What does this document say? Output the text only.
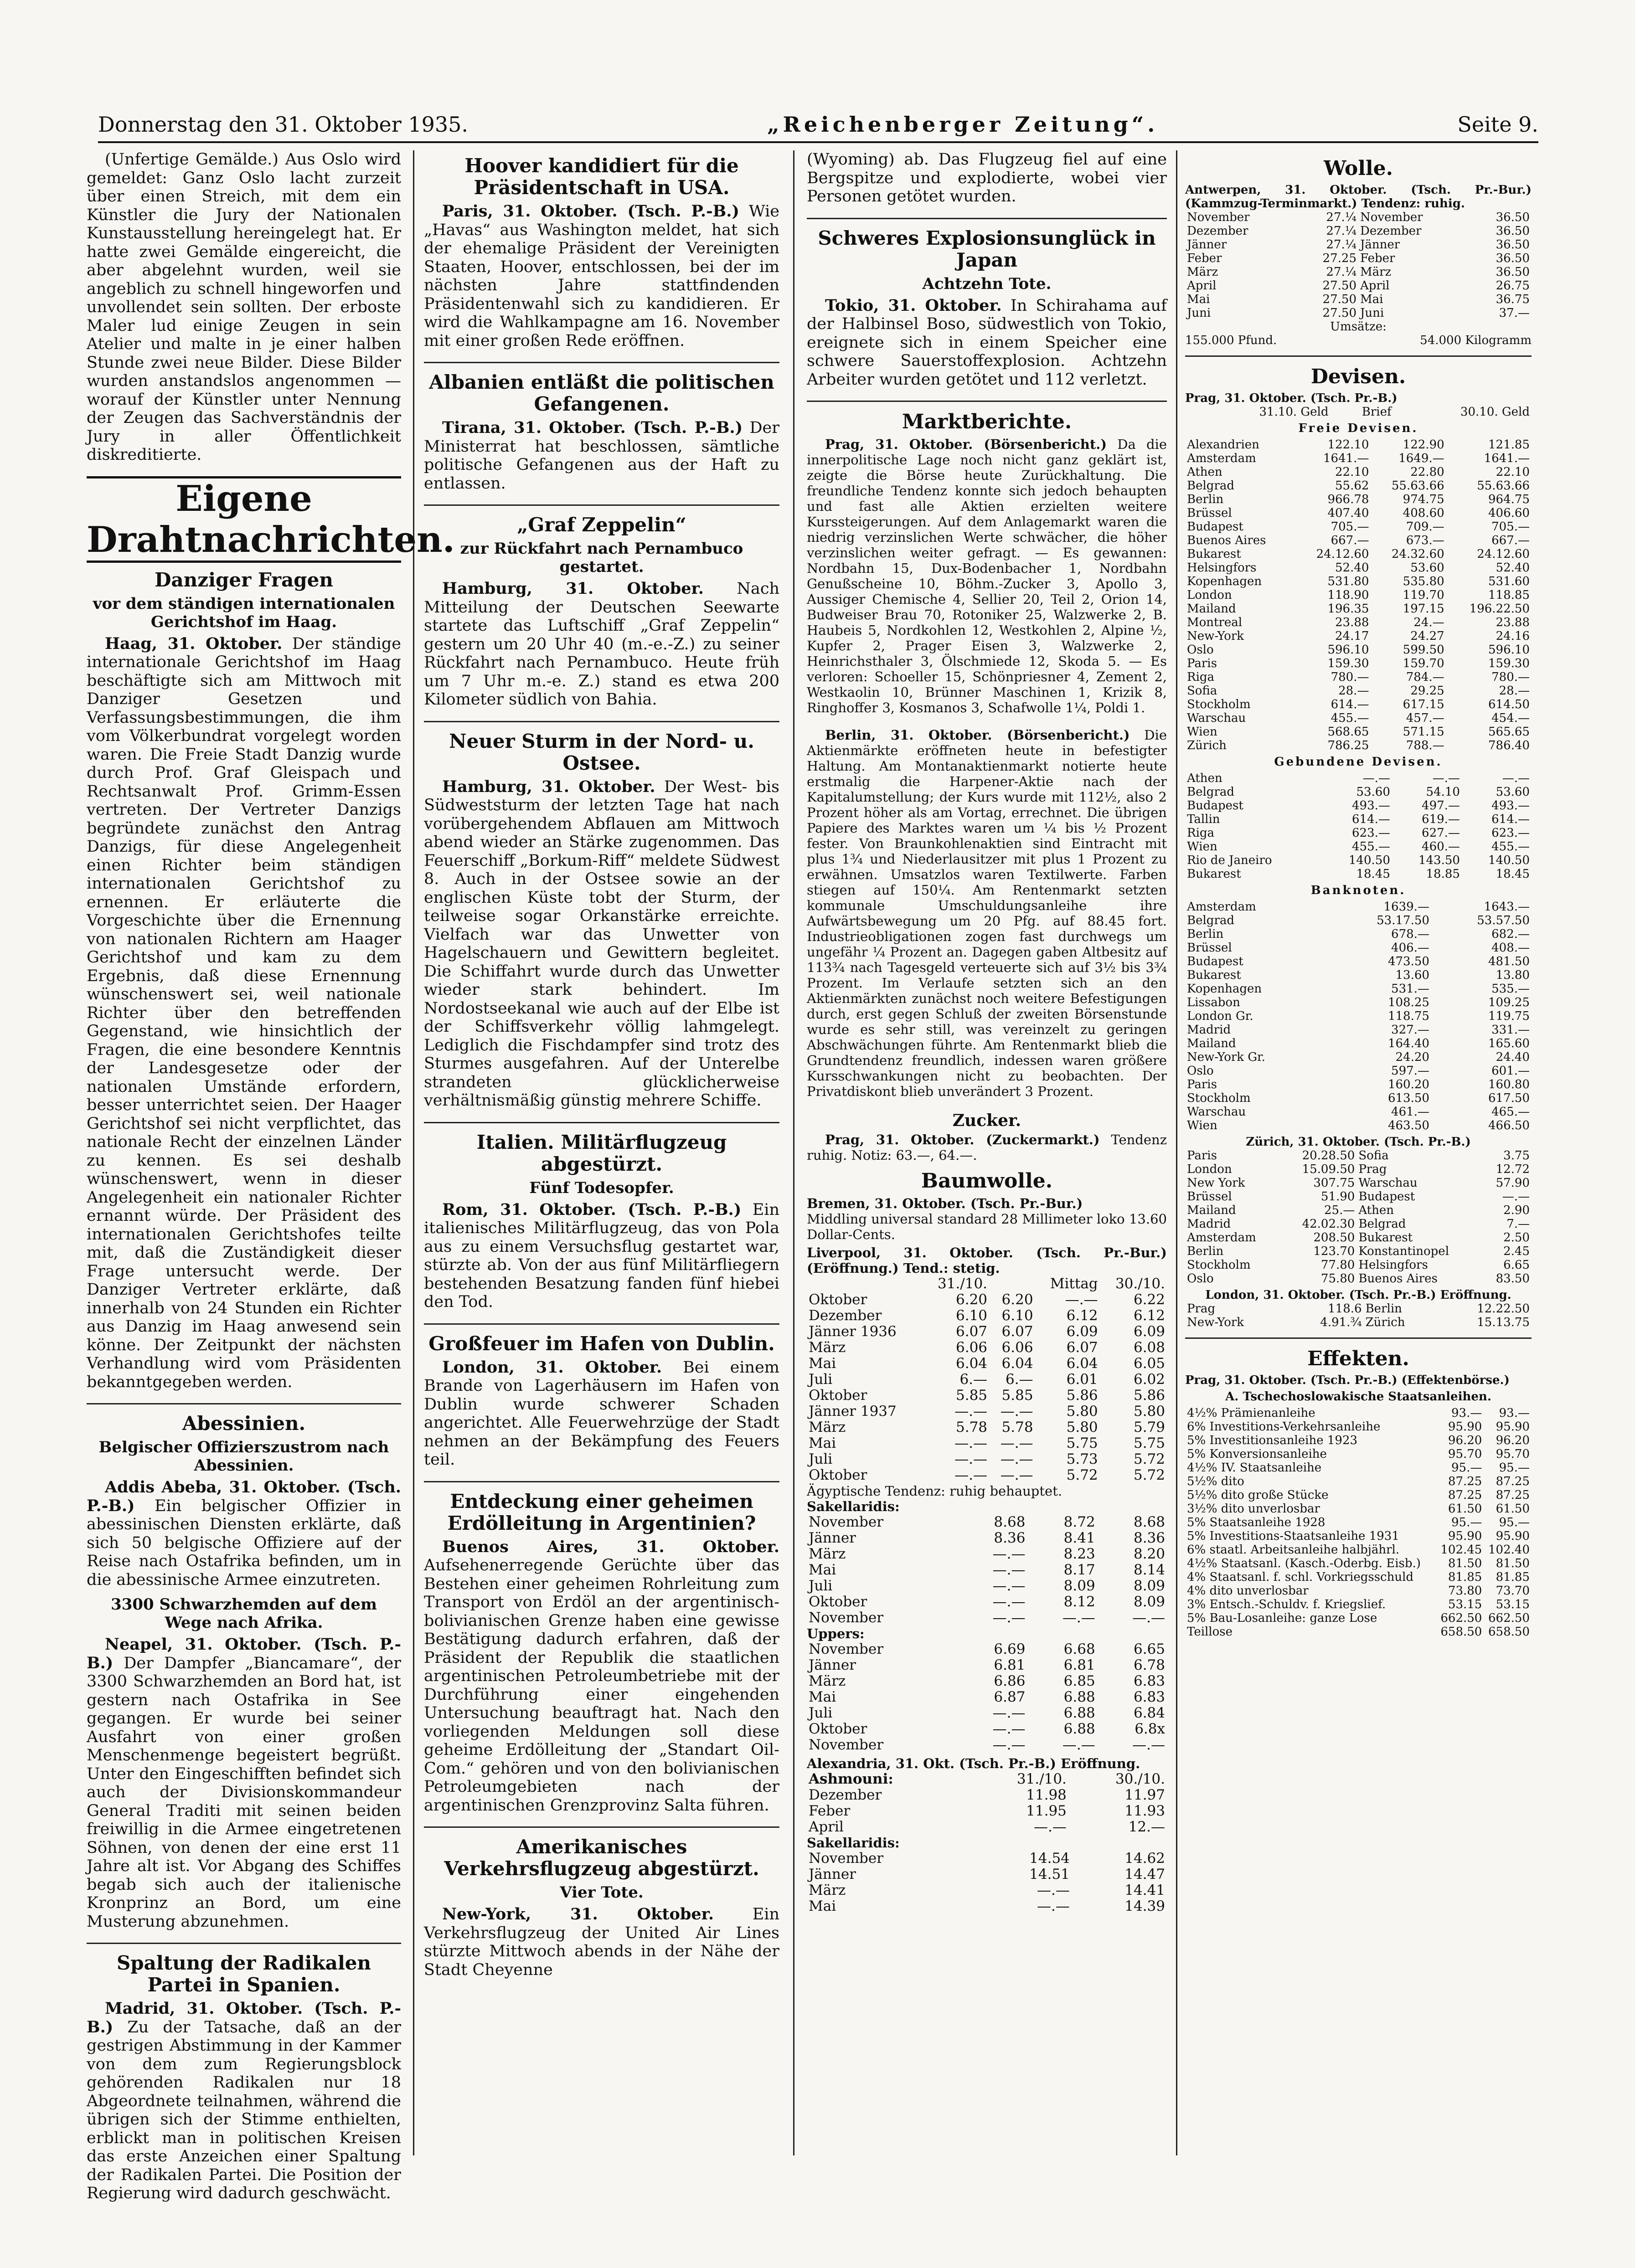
Donnerstag den 31. Oktober 1935.	„Reichenberger Zeitung“.	Seite 9.

(Unfertige Gemälde.) Aus Oslo wird gemeldet: Ganz Oslo lacht zurzeit über einen Streich, mit dem ein Künstler die Jury der Nationalen Kunstausstellung hereingelegt hat. Er hatte zwei Gemälde eingereicht, die aber abgelehnt wurden, weil sie angeblich zu schnell hingeworfen und unvollendet sein sollten. Der erboste Maler lud einige Zeugen in sein Atelier und malte in je einer halben Stunde zwei neue Bilder. Diese Bilder wurden anstandslos angenommen — worauf der Künstler unter Nennung der Zeugen das Sachverständnis der Jury in aller Öffentlichkeit diskreditierte.

Eigene Drahtnachrichten.
Danziger Fragen
vor dem ständigen internationalen Gerichtshof im Haag.

Haag, 31. Oktober. Der ständige internationale Gerichtshof im Haag beschäftigte sich am Mittwoch mit Danziger Gesetzen und Verfassungsbestimmungen, die ihm vom Völkerbundrat vorgelegt worden waren. Die Freie Stadt Danzig wurde durch Prof. Graf Gleispach und Rechtsanwalt Prof. Grimm-Essen vertreten. Der Vertreter Danzigs begründete zunächst den Antrag Danzigs, für diese Angelegenheit einen Richter beim ständigen internationalen Gerichtshof zu ernennen. Er erläuterte die Vorgeschichte über die Ernennung von nationalen Richtern am Haager Gerichtshof und kam zu dem Ergebnis, daß diese Ernennung wünschenswert sei, weil nationale Richter über den betreffenden Gegenstand, wie hinsichtlich der Fragen, die eine besondere Kenntnis der Landesgesetze oder der nationalen Umstände erfordern, besser unterrichtet seien. Der Haager Gerichtshof sei nicht verpflichtet, das nationale Recht der einzelnen Länder zu kennen. Es sei deshalb wünschenswert, wenn in dieser Angelegenheit ein nationaler Richter ernannt würde. Der Präsident des internationalen Gerichtshofes teilte mit, daß die Zuständigkeit dieser Frage untersucht werde. Der Danziger Vertreter erklärte, daß innerhalb von 24 Stunden ein Richter aus Danzig im Haag anwesend sein könne. Der Zeitpunkt der nächsten Verhandlung wird vom Präsidenten bekanntgegeben werden.

Abessinien.
Belgischer Offizierszustrom nach Abessinien.

Addis Abeba, 31. Oktober. (Tsch. P.-B.) Ein belgischer Offizier in abessinischen Diensten erklärte, daß sich 50 belgische Offiziere auf der Reise nach Ostafrika befinden, um in die abessinische Armee einzutreten.

3300 Schwarzhemden auf dem Wege nach Afrika.

Neapel, 31. Oktober. (Tsch. P.-B.) Der Dampfer „Biancamare“, der 3300 Schwarzhemden an Bord hat, ist gestern nach Ostafrika in See gegangen. Er wurde bei seiner Ausfahrt von einer großen Menschenmenge begeistert begrüßt. Unter den Eingeschifften befindet sich auch der Divisionskommandeur General Traditi mit seinen beiden freiwillig in die Armee eingetretenen Söhnen, von denen der eine erst 11 Jahre alt ist. Vor Abgang des Schiffes begab sich auch der italienische Kronprinz an Bord, um eine Musterung abzunehmen.

Spaltung der Radikalen Partei in Spanien.

Madrid, 31. Oktober. (Tsch. P.-B.) Zu der Tatsache, daß an der gestrigen Abstimmung in der Kammer von dem zum Regierungsblock gehörenden Radikalen nur 18 Abgeordnete teilnahmen, während die übrigen sich der Stimme enthielten, erblickt man in politischen Kreisen das erste Anzeichen einer Spaltung der Radikalen Partei. Die Position der Regierung wird dadurch geschwächt.

Hoover kandidiert für die Präsidentschaft in USA.

Paris, 31. Oktober. (Tsch. P.-B.) Wie „Havas“ aus Washington meldet, hat sich der ehemalige Präsident der Vereinigten Staaten, Hoover, entschlossen, bei der im nächsten Jahre stattfindenden Präsidentenwahl sich zu kandidieren. Er wird die Wahlkampagne am 16. November mit einer großen Rede eröffnen.

Albanien entläßt die politischen Gefangenen.

Tirana, 31. Oktober. (Tsch. P.-B.) Der Ministerrat hat beschlossen, sämtliche politische Gefangenen aus der Haft zu entlassen.

„Graf Zeppelin“
zur Rückfahrt nach Pernambuco gestartet.

Hamburg, 31. Oktober. Nach Mitteilung der Deutschen Seewarte startete das Luftschiff „Graf Zeppelin“ gestern um 20 Uhr 40 (m.-e.-Z.) zu seiner Rückfahrt nach Pernambuco. Heute früh um 7 Uhr m.-e. Z.) stand es etwa 200 Kilometer südlich von Bahia.

Neuer Sturm in der Nord- u. Ostsee.

Hamburg, 31. Oktober. Der West- bis Südweststurm der letzten Tage hat nach vorübergehendem Abflauen am Mittwoch abend wieder an Stärke zugenommen. Das Feuerschiff „Borkum-Riff“ meldete Südwest 8. Auch in der Ostsee sowie an der englischen Küste tobt der Sturm, der teilweise sogar Orkanstärke erreichte. Vielfach war das Unwetter von Hagelschauern und Gewittern begleitet. Die Schiffahrt wurde durch das Unwetter wieder stark behindert. Im Nordostseekanal wie auch auf der Elbe ist der Schiffsverkehr völlig lahmgelegt. Lediglich die Fischdampfer sind trotz des Sturmes ausgefahren. Auf der Unterelbe strandeten glücklicherweise verhältnismäßig günstig mehrere Schiffe.

Italien. Militärflugzeug abgestürzt.
Fünf Todesopfer.

Rom, 31. Oktober. (Tsch. P.-B.) Ein italienisches Militärflugzeug, das von Pola aus zu einem Versuchsflug gestartet war, stürzte ab. Von der aus fünf Militärfliegern bestehenden Besatzung fanden fünf hiebei den Tod.

Großfeuer im Hafen von Dublin.

London, 31. Oktober. Bei einem Brande von Lagerhäusern im Hafen von Dublin wurde schwerer Schaden angerichtet. Alle Feuerwehrzüge der Stadt nehmen an der Bekämpfung des Feuers teil.

Entdeckung einer geheimen Erdölleitung in Argentinien?

Buenos Aires, 31. Oktober. Aufsehenerregende Gerüchte über das Bestehen einer geheimen Rohrleitung zum Transport von Erdöl an der argentinisch-bolivianischen Grenze haben eine gewisse Bestätigung dadurch erfahren, daß der Präsident der Republik die staatlichen argentinischen Petroleumbetriebe mit der Durchführung einer eingehenden Untersuchung beauftragt hat. Nach den vorliegenden Meldungen soll diese geheime Erdölleitung der „Standart Oil-Com.“ gehören und von den bolivianischen Petroleumgebieten nach der argentinischen Grenzprovinz Salta führen.

Amerikanisches Verkehrsflugzeug abgestürzt.
Vier Tote.

New-York, 31. Oktober. Ein Verkehrsflugzeug der United Air Lines stürzte Mittwoch abends in der Nähe der Stadt Cheyenne

(Wyoming) ab. Das Flugzeug fiel auf eine Bergspitze und explodierte, wobei vier Personen getötet wurden.

Schweres Explosionsunglück in Japan
Achtzehn Tote.

Tokio, 31. Oktober. In Schirahama auf der Halbinsel Boso, südwestlich von Tokio, ereignete sich in einem Speicher eine schwere Sauerstoffexplosion. Achtzehn Arbeiter wurden getötet und 112 verletzt.

Marktberichte.

Prag, 31. Oktober. (Börsenbericht.) Da die innerpolitische Lage noch nicht ganz geklärt ist, zeigte die Börse heute Zurückhaltung. Die freundliche Tendenz konnte sich jedoch behaupten und fast alle Aktien erzielten weitere Kurssteigerungen. Auf dem Anlagemarkt waren die niedrig verzinslichen Werte schwächer, die höher verzinslichen weiter gefragt. — Es gewannen: Nordbahn 15, Dux-Bodenbacher 1, Nordbahn Genußscheine 10, Böhm.-Zucker 3, Apollo 3, Aussiger Chemische 4, Sellier 20, Teil 2, Orion 14, Budweiser Brau 70, Rotoniker 25, Walzwerke 2, B. Haubeis 5, Nordkohlen 12, Westkohlen 2, Alpine ½, Kupfer 2, Prager Eisen 3, Walzwerke 2, Heinrichsthaler 3, Ölschmiede 12, Skoda 5. — Es verloren: Schoeller 15, Schönpriesner 4, Zement 2, Westkaolin 10, Brünner Maschinen 1, Krizik 8, Ringhoffer 3, Kosmanos 3, Schafwolle 1¼, Poldi 1.

Berlin, 31. Oktober. (Börsenbericht.) Die Aktienmärkte eröffneten heute in befestigter Haltung. Am Montanaktienmarkt notierte heute erstmalig die Harpener-Aktie nach der Kapitalumstellung; der Kurs wurde mit 112½, also 2 Prozent höher als am Vortag, errechnet. Die übrigen Papiere des Marktes waren um ¼ bis ½ Prozent fester. Von Braunkohlenaktien sind Eintracht mit plus 1¾ und Niederlausitzer mit plus 1 Prozent zu erwähnen. Umsatzlos waren Textilwerte. Farben stiegen auf 150¼. Am Rentenmarkt setzten kommunale Umschuldungsanleihe ihre Aufwärtsbewegung um 20 Pfg. auf 88.45 fort. Industrieobligationen zogen fast durchwegs um ungefähr ¼ Prozent an. Dagegen gaben Altbesitz auf 113¾ nach Tagesgeld verteuerte sich auf 3½ bis 3¾ Prozent. Im Verlaufe setzten sich an den Aktienmärkten zunächst noch weitere Befestigungen durch, erst gegen Schluß der zweiten Börsenstunde wurde es sehr still, was vereinzelt zu geringen Abschwächungen führte. Am Rentenmarkt blieb die Grundtendenz freundlich, indessen waren größere Kursschwankungen nicht zu beobachten. Der Privatdiskont blieb unverändert 3 Prozent.

Zucker.

Prag, 31. Oktober. (Zuckermarkt.) Tendenz ruhig. Notiz: 63.—, 64.—.

Baumwolle.
Bremen, 31. Oktober. (Tsch. Pr.-Bur.)
Middling universal standard 28 Millimeter loko 13.60 Dollar-Cents.
Liverpool, 31. Oktober. (Tsch. Pr.-Bur.) (Eröffnung.) Tend.: stetig.
	31./10.		Mittag	30./10.
Oktober	6.20	6.20	—.—	6.22
Dezember	6.10	6.10	6.12	6.12
Jänner 1936	6.07	6.07	6.09	6.09
März	6.06	6.06	6.07	6.08
Mai	6.04	6.04	6.04	6.05
Juli	6.—	6.—	6.01	6.02
Oktober	5.85	5.85	5.86	5.86
Jänner 1937	—.—	—.—	5.80	5.80
März	5.78	5.78	5.80	5.79
Mai	—.—	—.—	5.75	5.75
Juli	—.—	—.—	5.73	5.72
Oktober	—.—	—.—	5.72	5.72
Ägyptische Tendenz: ruhig behauptet.
Sakellaridis:
November	8.68	8.72	8.68
Jänner	8.36	8.41	8.36
März	—.—	8.23	8.20
Mai	—.—	8.17	8.14
Juli	—.—	8.09	8.09
Oktober	—.—	8.12	8.09
November	—.—	—.—	—.—
Uppers:
November	6.69	6.68	6.65
Jänner	6.81	6.81	6.78
März	6.86	6.85	6.83
Mai	6.87	6.88	6.83
Juli	—.—	6.88	6.84
Oktober	—.—	6.88	6.8x
November	—.—	—.—	—.—
Alexandria, 31. Okt. (Tsch. Pr.-B.) Eröffnung.
Ashmouni:	31./10.	30./10.
Dezember	11.98	11.97
Feber	11.95	11.93
April	—.—	12.—
Sakellaridis:
November	14.54	14.62
Jänner	14.51	14.47
März	—.—	14.41
Mai	—.—	14.39
Wolle.
Antwerpen, 31. Oktober. (Tsch. Pr.-Bur.) (Kammzug-Terminmarkt.) Tendenz: ruhig.
November	27.¼	November	36.50
Dezember	27.¼	Dezember	36.50
Jänner	27.¼	Jänner	36.50
Feber	27.25	Feber	36.50
März	27.¼	März	36.50
April	27.50	April	26.75
Mai	27.50	Mai	36.75
Juni	27.50	Juni	37.—
Umsätze:
155.000 Pfund.	54.000 Kilogramm
Devisen.
Prag, 31. Oktober. (Tsch. Pr.-B.)
	31.10. Geld	Brief	30.10. Geld
Freie Devisen.
Alexandrien	122.10	122.90	121.85
Amsterdam	1641.—	1649.—	1641.—
Athen	22.10	22.80	22.10
Belgrad	55.62	55.63.66	55.63.66
Berlin	966.78	974.75	964.75
Brüssel	407.40	408.60	406.60
Budapest	705.—	709.—	705.—
Buenos Aires	667.—	673.—	667.—
Bukarest	24.12.60	24.32.60	24.12.60
Helsingfors	52.40	53.60	52.40
Kopenhagen	531.80	535.80	531.60
London	118.90	119.70	118.85
Mailand	196.35	197.15	196.22.50
Montreal	23.88	24.—	23.88
New-York	24.17	24.27	24.16
Oslo	596.10	599.50	596.10
Paris	159.30	159.70	159.30
Riga	780.—	784.—	780.—
Sofia	28.—	29.25	28.—
Stockholm	614.—	617.15	614.50
Warschau	455.—	457.—	454.—
Wien	568.65	571.15	565.65
Zürich	786.25	788.—	786.40
Gebundene Devisen.
Athen	—.—	—.—	—.—
Belgrad	53.60	54.10	53.60
Budapest	493.—	497.—	493.—
Tallin	614.—	619.—	614.—
Riga	623.—	627.—	623.—
Wien	455.—	460.—	455.—
Rio de Janeiro	140.50	143.50	140.50
Bukarest	18.45	18.85	18.45
Banknoten.
Amsterdam	1639.—	1643.—
Belgrad	53.17.50	53.57.50
Berlin	678.—	682.—
Brüssel	406.—	408.—
Budapest	473.50	481.50
Bukarest	13.60	13.80
Kopenhagen	531.—	535.—
Lissabon	108.25	109.25
London Gr.	118.75	119.75
Madrid	327.—	331.—
Mailand	164.40	165.60
New-York Gr.	24.20	24.40
Oslo	597.—	601.—
Paris	160.20	160.80
Stockholm	613.50	617.50
Warschau	461.—	465.—
Wien	463.50	466.50
Zürich, 31. Oktober. (Tsch. Pr.-B.)
Paris	20.28.50	Sofia	3.75
London	15.09.50	Prag	12.72
New York	307.75	Warschau	57.90
Brüssel	51.90	Budapest	—.—
Mailand	25.—	Athen	2.90
Madrid	42.02.30	Belgrad	7.—
Amsterdam	208.50	Bukarest	2.50
Berlin	123.70	Konstantinopel	2.45
Stockholm	77.80	Helsingfors	6.65
Oslo	75.80	Buenos Aires	83.50
London, 31. Oktober. (Tsch. Pr.-B.) Eröffnung.
Prag	118.6	Berlin	12.22.50
New-York	4.91.¾	Zürich	15.13.75
Effekten.
Prag, 31. Oktober. (Tsch. Pr.-B.) (Effektenbörse.)
A. Tschechoslowakische Staatsanleihen.
4½% Prämienanleihe	93.—	93.—
6% Investitions-Verkehrsanleihe	95.90	95.90
5% Investitionsanleihe 1923	96.20	96.20
5% Konversionsanleihe	95.70	95.70
4½% IV. Staatsanleihe	95.—	95.—
5½% dito	87.25	87.25
5½% dito große Stücke	87.25	87.25
3½% dito unverlosbar	61.50	61.50
5% Staatsanleihe 1928	95.—	95.—
5% Investitions-Staatsanleihe 1931	95.90	95.90
6% staatl. Arbeitsanleihe halbjährl.	102.45	102.40
4½% Staatsanl. (Kasch.-Oderbg. Eisb.)	81.50	81.50
4% Staatsanl. f. schl. Vorkriegsschuld	81.85	81.85
4% dito unverlosbar	73.80	73.70
3% Entsch.-Schuldv. f. Kriegslief.	53.15	53.15
5% Bau-Losanleihe: ganze Lose	662.50	662.50
Teillose	658.50	658.50
